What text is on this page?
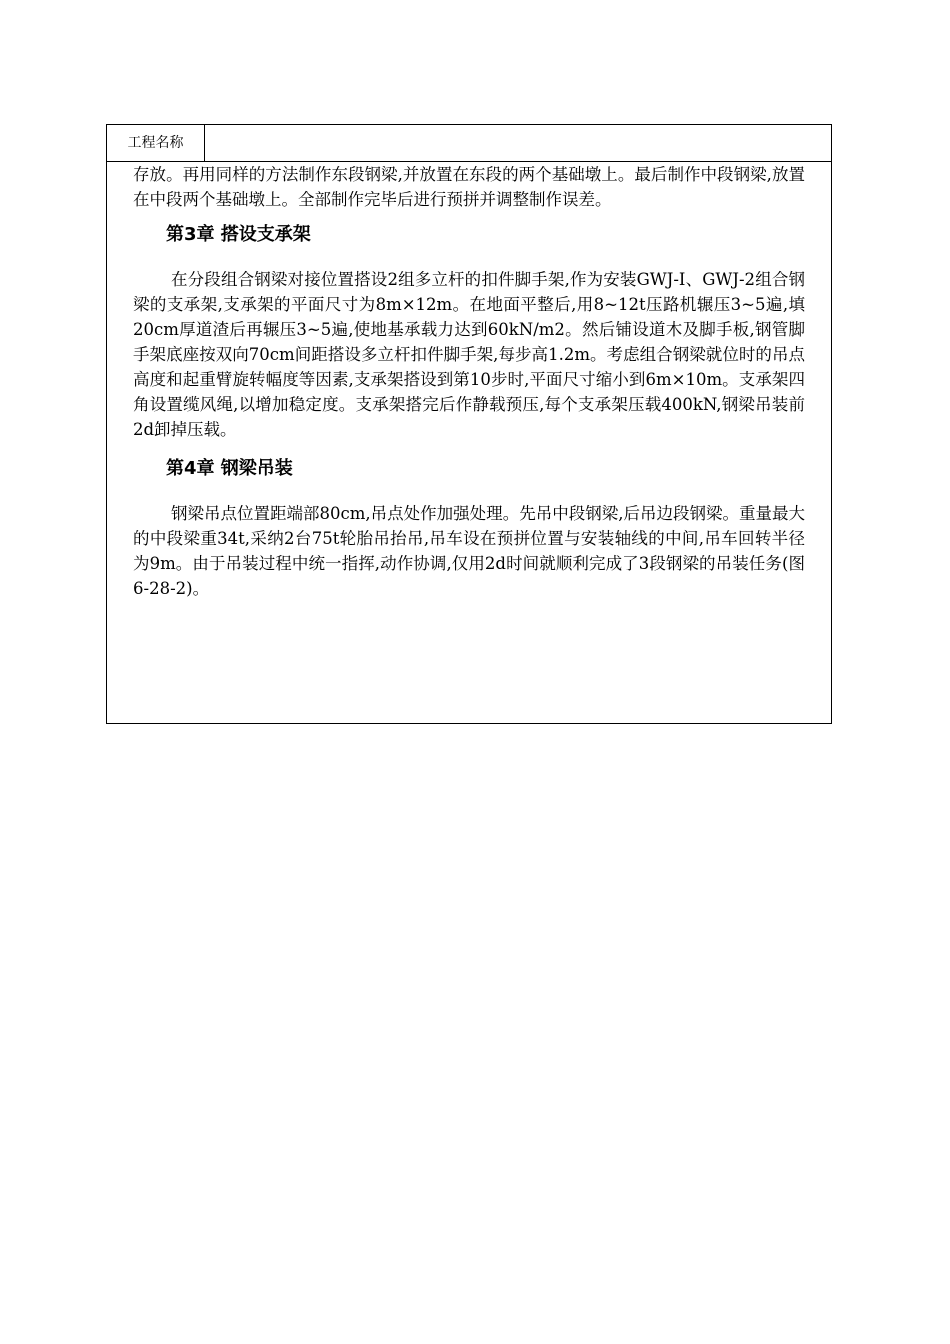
工程名称

存放。再用同样的方法制作东段钢梁,并放置在东段的两个基础墩上。最后制作中段钢梁,放置在中段两个基础墩上。全部制作完毕后进行预拼并调整制作误差。

第3章 搭设支承架

在分段组合钢梁对接位置搭设2组多立杆的扣件脚手架,作为安装GWJ-I、GWJ-2组合钢梁的支承架,支承架的平面尺寸为8m×12m。在地面平整后,用8~12t压路机辗压3~5遍,填20cm厚道渣后再辗压3~5遍,使地基承载力达到60kN/m2。然后铺设道木及脚手板,钢管脚手架底座按双向70cm间距搭设多立杆扣件脚手架,每步高1.2m。考虑组合钢梁就位时的吊点高度和起重臂旋转幅度等因素,支承架搭设到第10步时,平面尺寸缩小到6m×10m。支承架四角设置缆风绳,以增加稳定度。支承架搭完后作静载预压,每个支承架压载400kN,钢梁吊装前2d卸掉压载。

第4章 钢梁吊装

钢梁吊点位置距端部80cm,吊点处作加强处理。先吊中段钢梁,后吊边段钢梁。重量最大的中段梁重34t,采纳2台75t轮胎吊抬吊,吊车设在预拼位置与安装轴线的中间,吊车回转半径为9m。由于吊装过程中统一指挥,动作协调,仅用2d时间就顺利完成了3段钢梁的吊装任务(图6-28-2)。
